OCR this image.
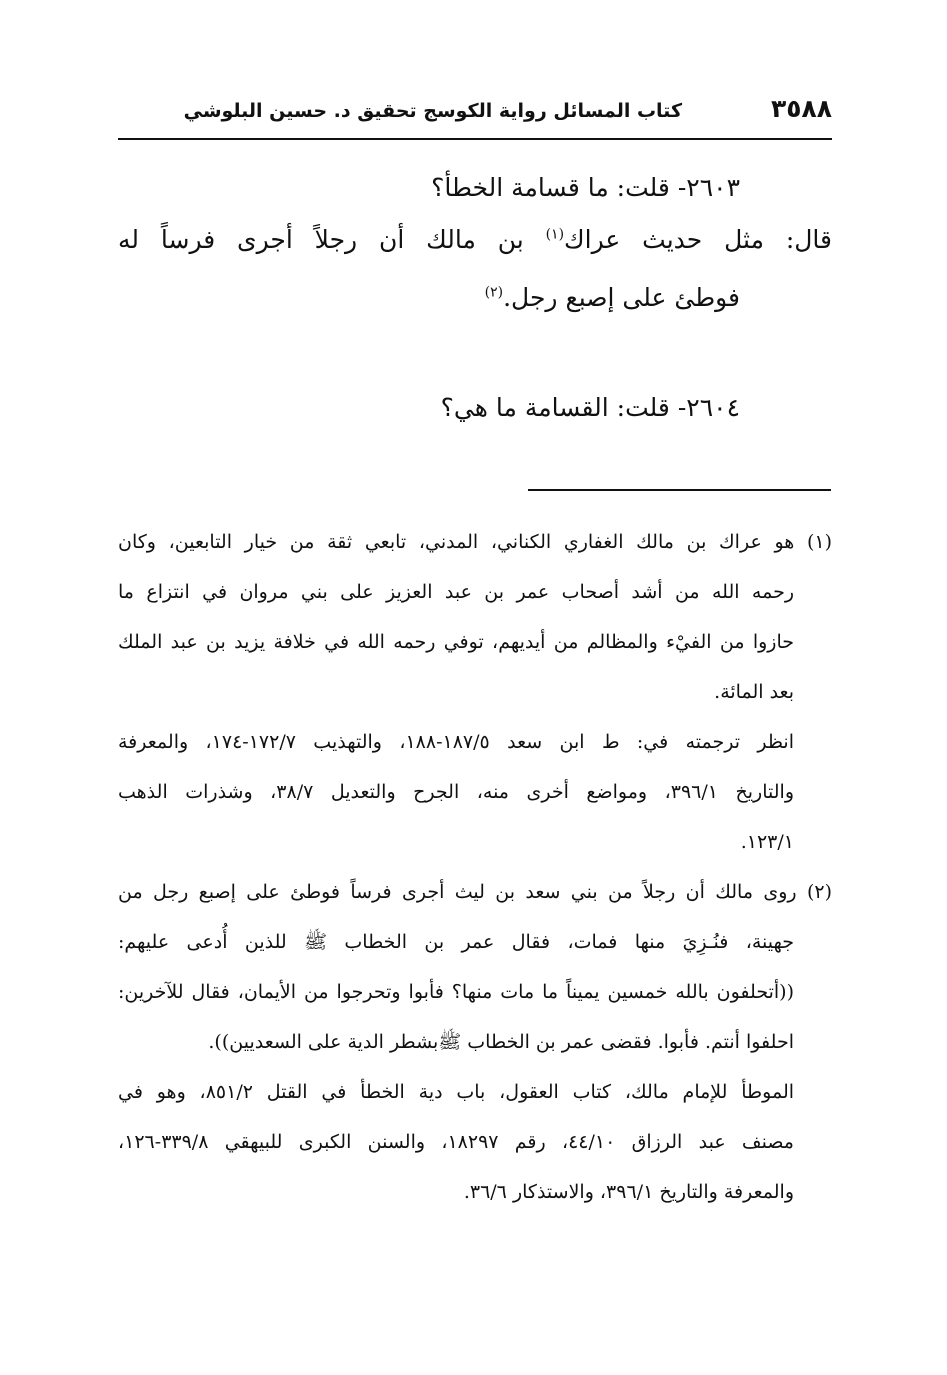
٣٥٨٨
كتاب المسائل رواية الكوسج تحقيق د. حسين البلوشي
٢٦٠٣- قلت: ما قسامة الخطأ؟
قال: مثل حديث عراك$^{(١)}$ بن مالك أن رجلاً أجرى فرساً له
فوطئ على إصبع رجل.$^{(٢)}$
٢٦٠٤- قلت: القسامة ما هي؟
(١) هو عراك بن مالك الغفاري الكناني، المدني، تابعي ثقة من خيار التابعين، وكان
رحمه الله من أشد أصحاب عمر بن عبد العزيز على بني مروان في انتزاع ما
حازوا من الفيْء والمظالم من أيديهم، توفي رحمه الله في خلافة يزيد بن عبد الملك
بعد المائة.
انظر ترجمته في: ط ابن سعد ١٨٧/٥-١٨٨، والتهذيب ١٧٢/٧-١٧٤، والمعرفة
والتاريخ ٣٩٦/١، ومواضع أخرى منه، الجرح والتعديل ٣٨/٧، وشذرات الذهب
١٢٣/١.
(٢) روى مالك أن رجلاً من بني سعد بن ليث أجرى فرساً فوطئ على إصبع رجل من
جهينة، فنُـزِيَ منها فمات، فقال عمر بن الخطاب ﷺ للذين أُدعى عليهم:
((أتحلفون بالله خمسين يميناً ما مات منها؟ فأبوا وتحرجوا من الأيمان، فقال للآخرين:
احلفوا أنتم. فأبوا. فقضى عمر بن الخطاب ﷺبشطر الدية على السعديين)).
الموطأ للإمام مالك، كتاب العقول، باب دية الخطأ في القتل ٨٥١/٢، وهو في
مصنف عبد الرزاق ٤٤/١٠، رقم ١٨٢٩٧، والسنن الكبرى للبيهقي ٣٣٩/٨-١٢٦،
والمعرفة والتاريخ ٣٩٦/١، والاستذكار ٣٦/٦.
